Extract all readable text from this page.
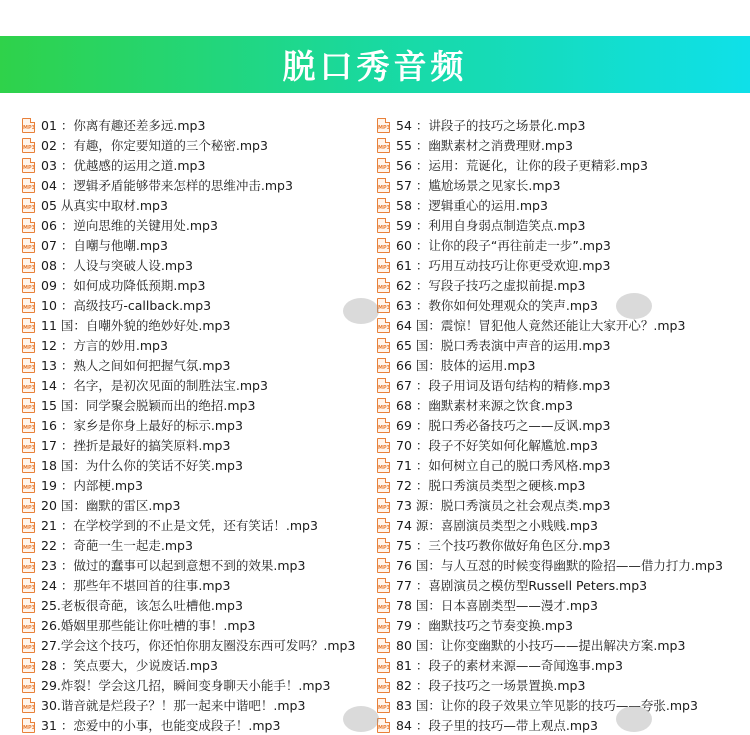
脱口秀音频
MP3
01 ：你离有趣还差多远.mp3
MP3
02 ：有趣，你定要知道的三个秘密.mp3
MP3
03 ：优越感的运用之道.mp3
MP3
04 ：逻辑矛盾能够带来怎样的思维冲击.mp3
MP3
05 从真实中取材.mp3
MP3
06 ：逆向思维的关键用处.mp3
MP3
07 ：自嘲与他嘲.mp3
MP3
08 ：人设与突破人设.mp3
MP3
09 ：如何成功降低预期.mp3
MP3
10 ：高级技巧-callback.mp3
MP3
11 国：自嘲外貌的绝妙好处.mp3
MP3
12 ：方言的妙用.mp3
MP3
13 ：熟人之间如何把握气氛.mp3
MP3
14 ：名字，是初次见面的制胜法宝.mp3
MP3
15 国：同学聚会脱颖而出的绝招.mp3
MP3
16 ：家乡是你身上最好的标示.mp3
MP3
17 ：挫折是最好的搞笑原料.mp3
MP3
18 国：为什么你的笑话不好笑.mp3
MP3
19 ：内部梗.mp3
MP3
20 国：幽默的雷区.mp3
MP3
21 ：在学校学到的不止是文凭，还有笑话！.mp3
MP3
22 ：奇葩一生一起走.mp3
MP3
23 ：做过的蠢事可以起到意想不到的效果.mp3
MP3
24 ：那些年不堪回首的往事.mp3
MP3
25.老板很奇葩，该怎么吐槽他.mp3
MP3
26.婚姻里那些能让你吐槽的事！.mp3
MP3
27.学会这个技巧，你还怕你朋友圈没东西可发吗？.mp3
MP3
28 ：笑点要大，少说废话.mp3
MP3
29.炸裂！学会这几招，瞬间变身聊天小能手！.mp3
MP3
30.谐音就是烂段子？！那一起来中谐吧！.mp3
MP3
31 ：恋爱中的小事，也能变成段子！.mp3
MP3
54 ：讲段子的技巧之场景化.mp3
MP3
55 ：幽默素材之消费理财.mp3
MP3
56 ：运用：荒诞化，让你的段子更精彩.mp3
MP3
57 ：尴尬场景之见家长.mp3
MP3
58 ：逻辑重心的运用.mp3
MP3
59 ：利用自身弱点制造笑点.mp3
MP3
60 ：让你的段子“再往前走一步”.mp3
MP3
61 ：巧用互动技巧让你更受欢迎.mp3
MP3
62 ：写段子技巧之虚拟前提.mp3
MP3
63 ：教你如何处理观众的笑声.mp3
MP3
64 国：震惊！冒犯他人竟然还能让大家开心？.mp3
MP3
65 国：脱口秀表演中声音的运用.mp3
MP3
66 国：肢体的运用.mp3
MP3
67 ：段子用词及语句结构的精修.mp3
MP3
68 ：幽默素材来源之饮食.mp3
MP3
69 ：脱口秀必备技巧之——反讽.mp3
MP3
70 ：段子不好笑如何化解尴尬.mp3
MP3
71 ：如何树立自己的脱口秀风格.mp3
MP3
72 ：脱口秀演员类型之硬核.mp3
MP3
73 源：脱口秀演员之社会观点类.mp3
MP3
74 源：喜剧演员类型之小贱贱.mp3
MP3
75 ：三个技巧教你做好角色区分.mp3
MP3
76 国：与人互怼的时候变得幽默的险招——借力打力.mp3
MP3
77 ：喜剧演员之模仿型Russell Peters.mp3
MP3
78 国：日本喜剧类型——漫才.mp3
MP3
79 ：幽默技巧之节奏变换.mp3
MP3
80 国：让你变幽默的小技巧——提出解决方案.mp3
MP3
81 ：段子的素材来源——奇闻逸事.mp3
MP3
82 ：段子技巧之一场景置换.mp3
MP3
83 国：让你的段子效果立竿见影的技巧——夸张.mp3
MP3
84 ：段子里的技巧—带上观点.mp3
